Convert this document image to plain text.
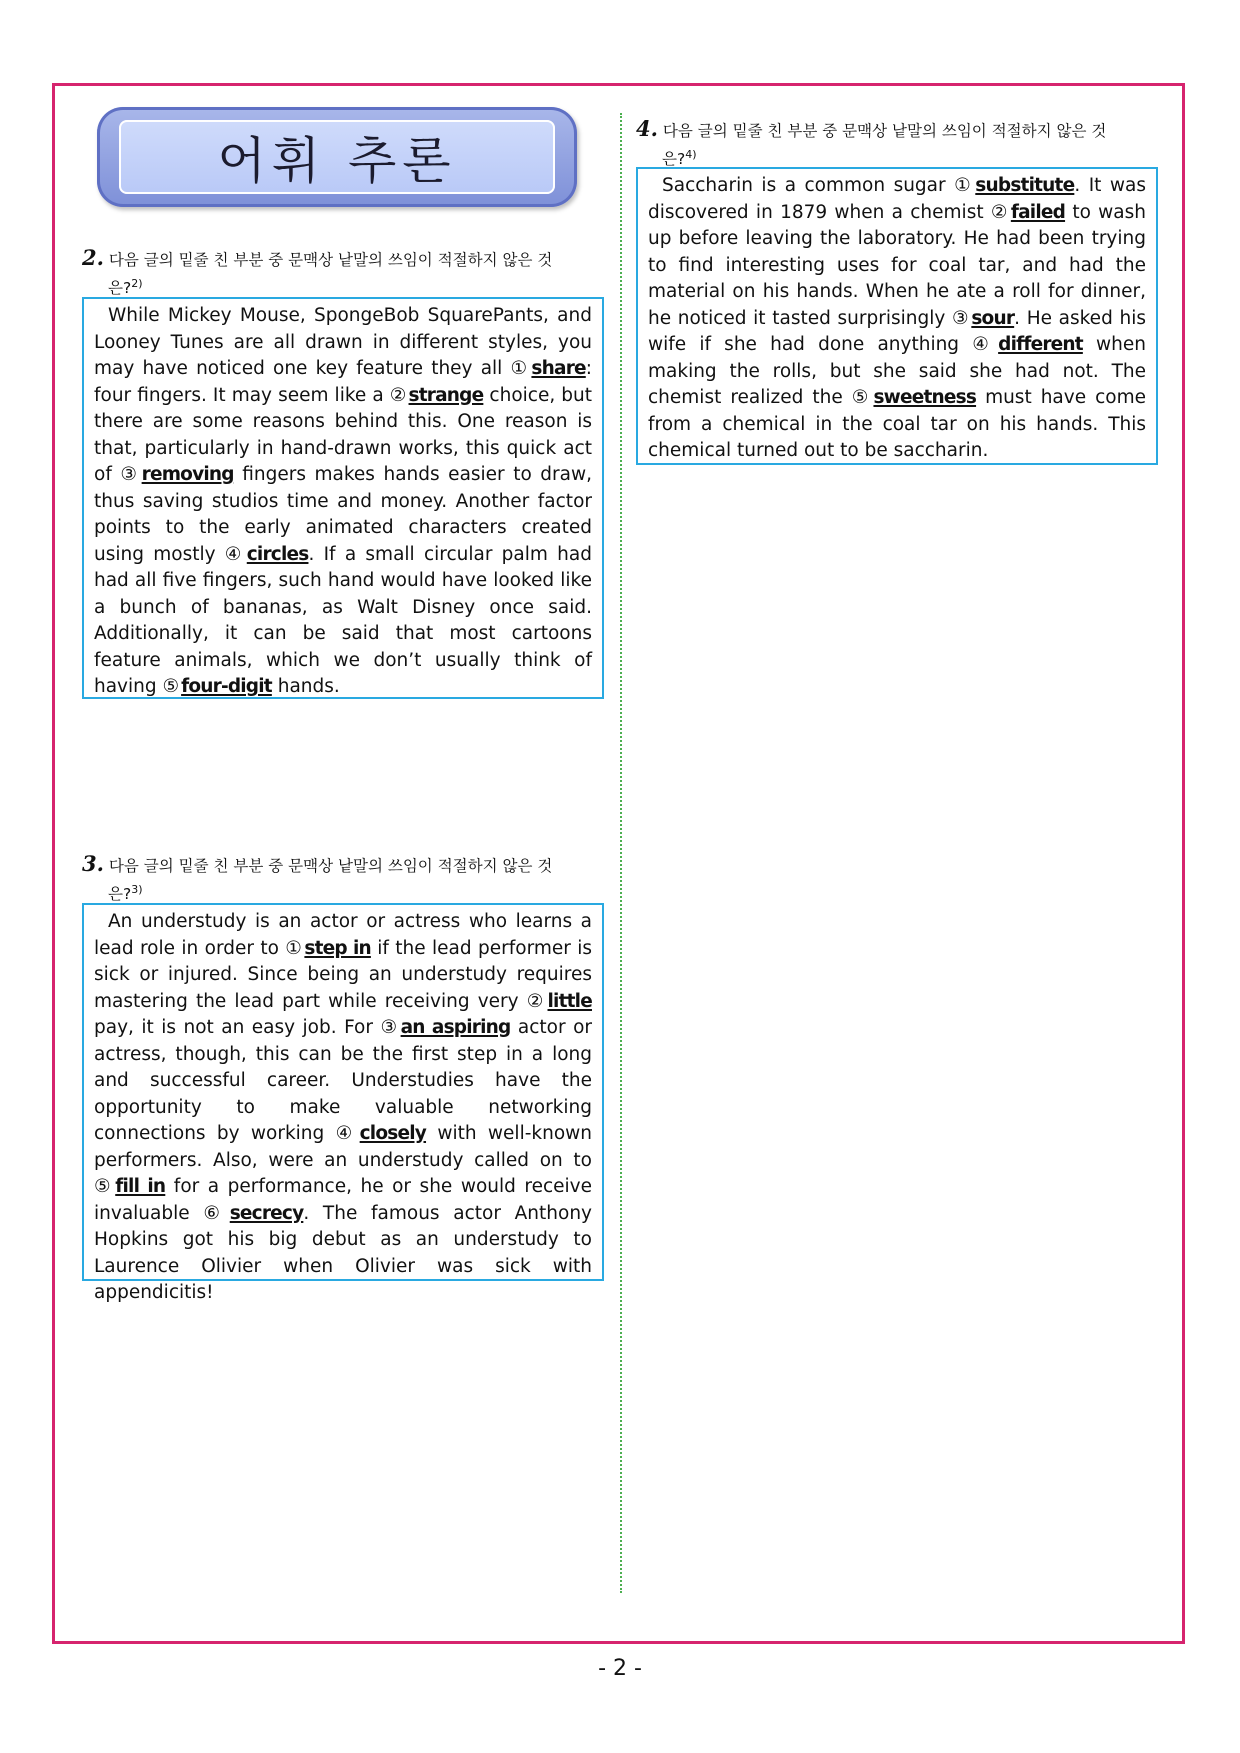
어휘 추론
2. 다음 글의 밑줄 친 부분 중 문맥상 낱말의 쓰임이 적절하지 않은 것
은?$^{2)}$

While Mickey Mouse, SpongeBob SquarePants, and Looney Tunes are all drawn in different styles, you may have noticed one key feature they all ① share: four fingers. It may seem like a ② strange choice, but there are some reasons behind this. One reason is that, particularly in hand-drawn works, this quick act of ③ removing fingers makes hands easier to draw, thus saving studios time and money. Another factor points to the early animated characters created using mostly ④ circles. If a small circular palm had had all five fingers, such hand would have looked like a bunch of bananas, as Walt Disney once said. Additionally, it can be said that most cartoons feature animals, which we don’t usually think of having ⑤ four-digit hands.

3. 다음 글의 밑줄 친 부분 중 문맥상 낱말의 쓰임이 적절하지 않은 것
은?$^{3)}$

An understudy is an actor or actress who learns a lead role in order to ① step in if the lead performer is sick or injured. Since being an understudy requires mastering the lead part while receiving very ② little pay, it is not an easy job. For ③ an aspiring actor or actress, though, this can be the first step in a long and successful career. Understudies have the opportunity to make valuable networking connections by working ④ closely with well-known performers. Also, were an understudy called on to ⑤ fill in for a performance, he or she would receive invaluable ⑥ secrecy. The famous actor Anthony Hopkins got his big debut as an understudy to Laurence Olivier when Olivier was sick with appendicitis!

4. 다음 글의 밑줄 친 부분 중 문맥상 낱말의 쓰임이 적절하지 않은 것
은?$^{4)}$

Saccharin is a common sugar ① substitute. It was discovered in 1879 when a chemist ② failed to wash up before leaving the laboratory. He had been trying to find interesting uses for coal tar, and had the material on his hands. When he ate a roll for dinner, he noticed it tasted surprisingly ③ sour. He asked his wife if she had done anything ④ different when making the rolls, but she said she had not. The chemist realized the ⑤ sweetness must have come from a chemical in the coal tar on his hands. This chemical turned out to be saccharin.

- 2 -
